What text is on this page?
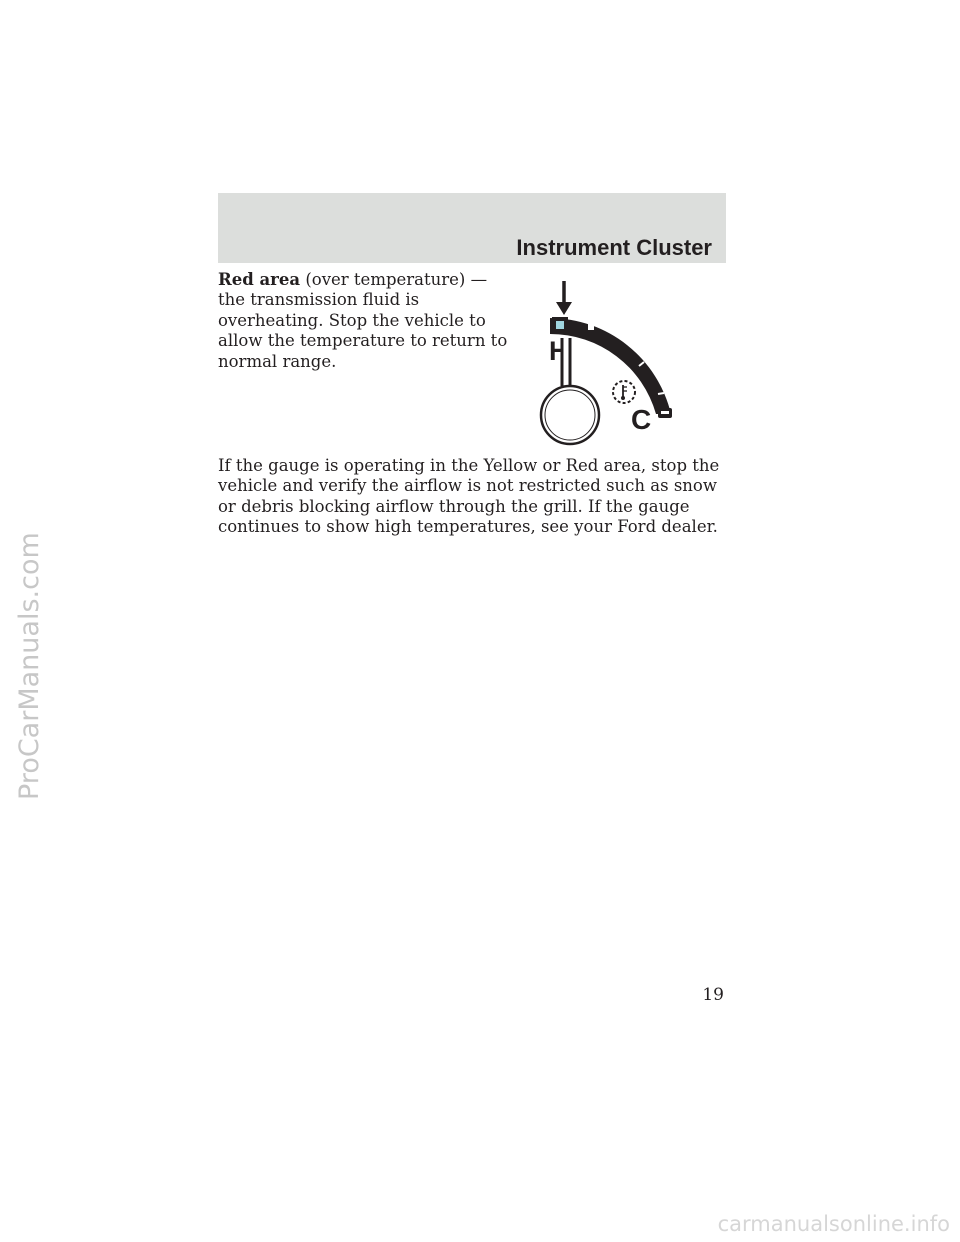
Instrument Cluster

Red area (over temperature) — the transmission fluid is overheating. Stop the vehicle to allow the temperature to return to normal range.	H
C

If the gauge is operating in the Yellow or Red area, stop the vehicle and verify the airflow is not restricted such as snow or debris blocking airflow through the grill. If the gauge continues to show high temperatures, see your Ford dealer.

19
ProCarManuals.com
carmanualsonline.info
